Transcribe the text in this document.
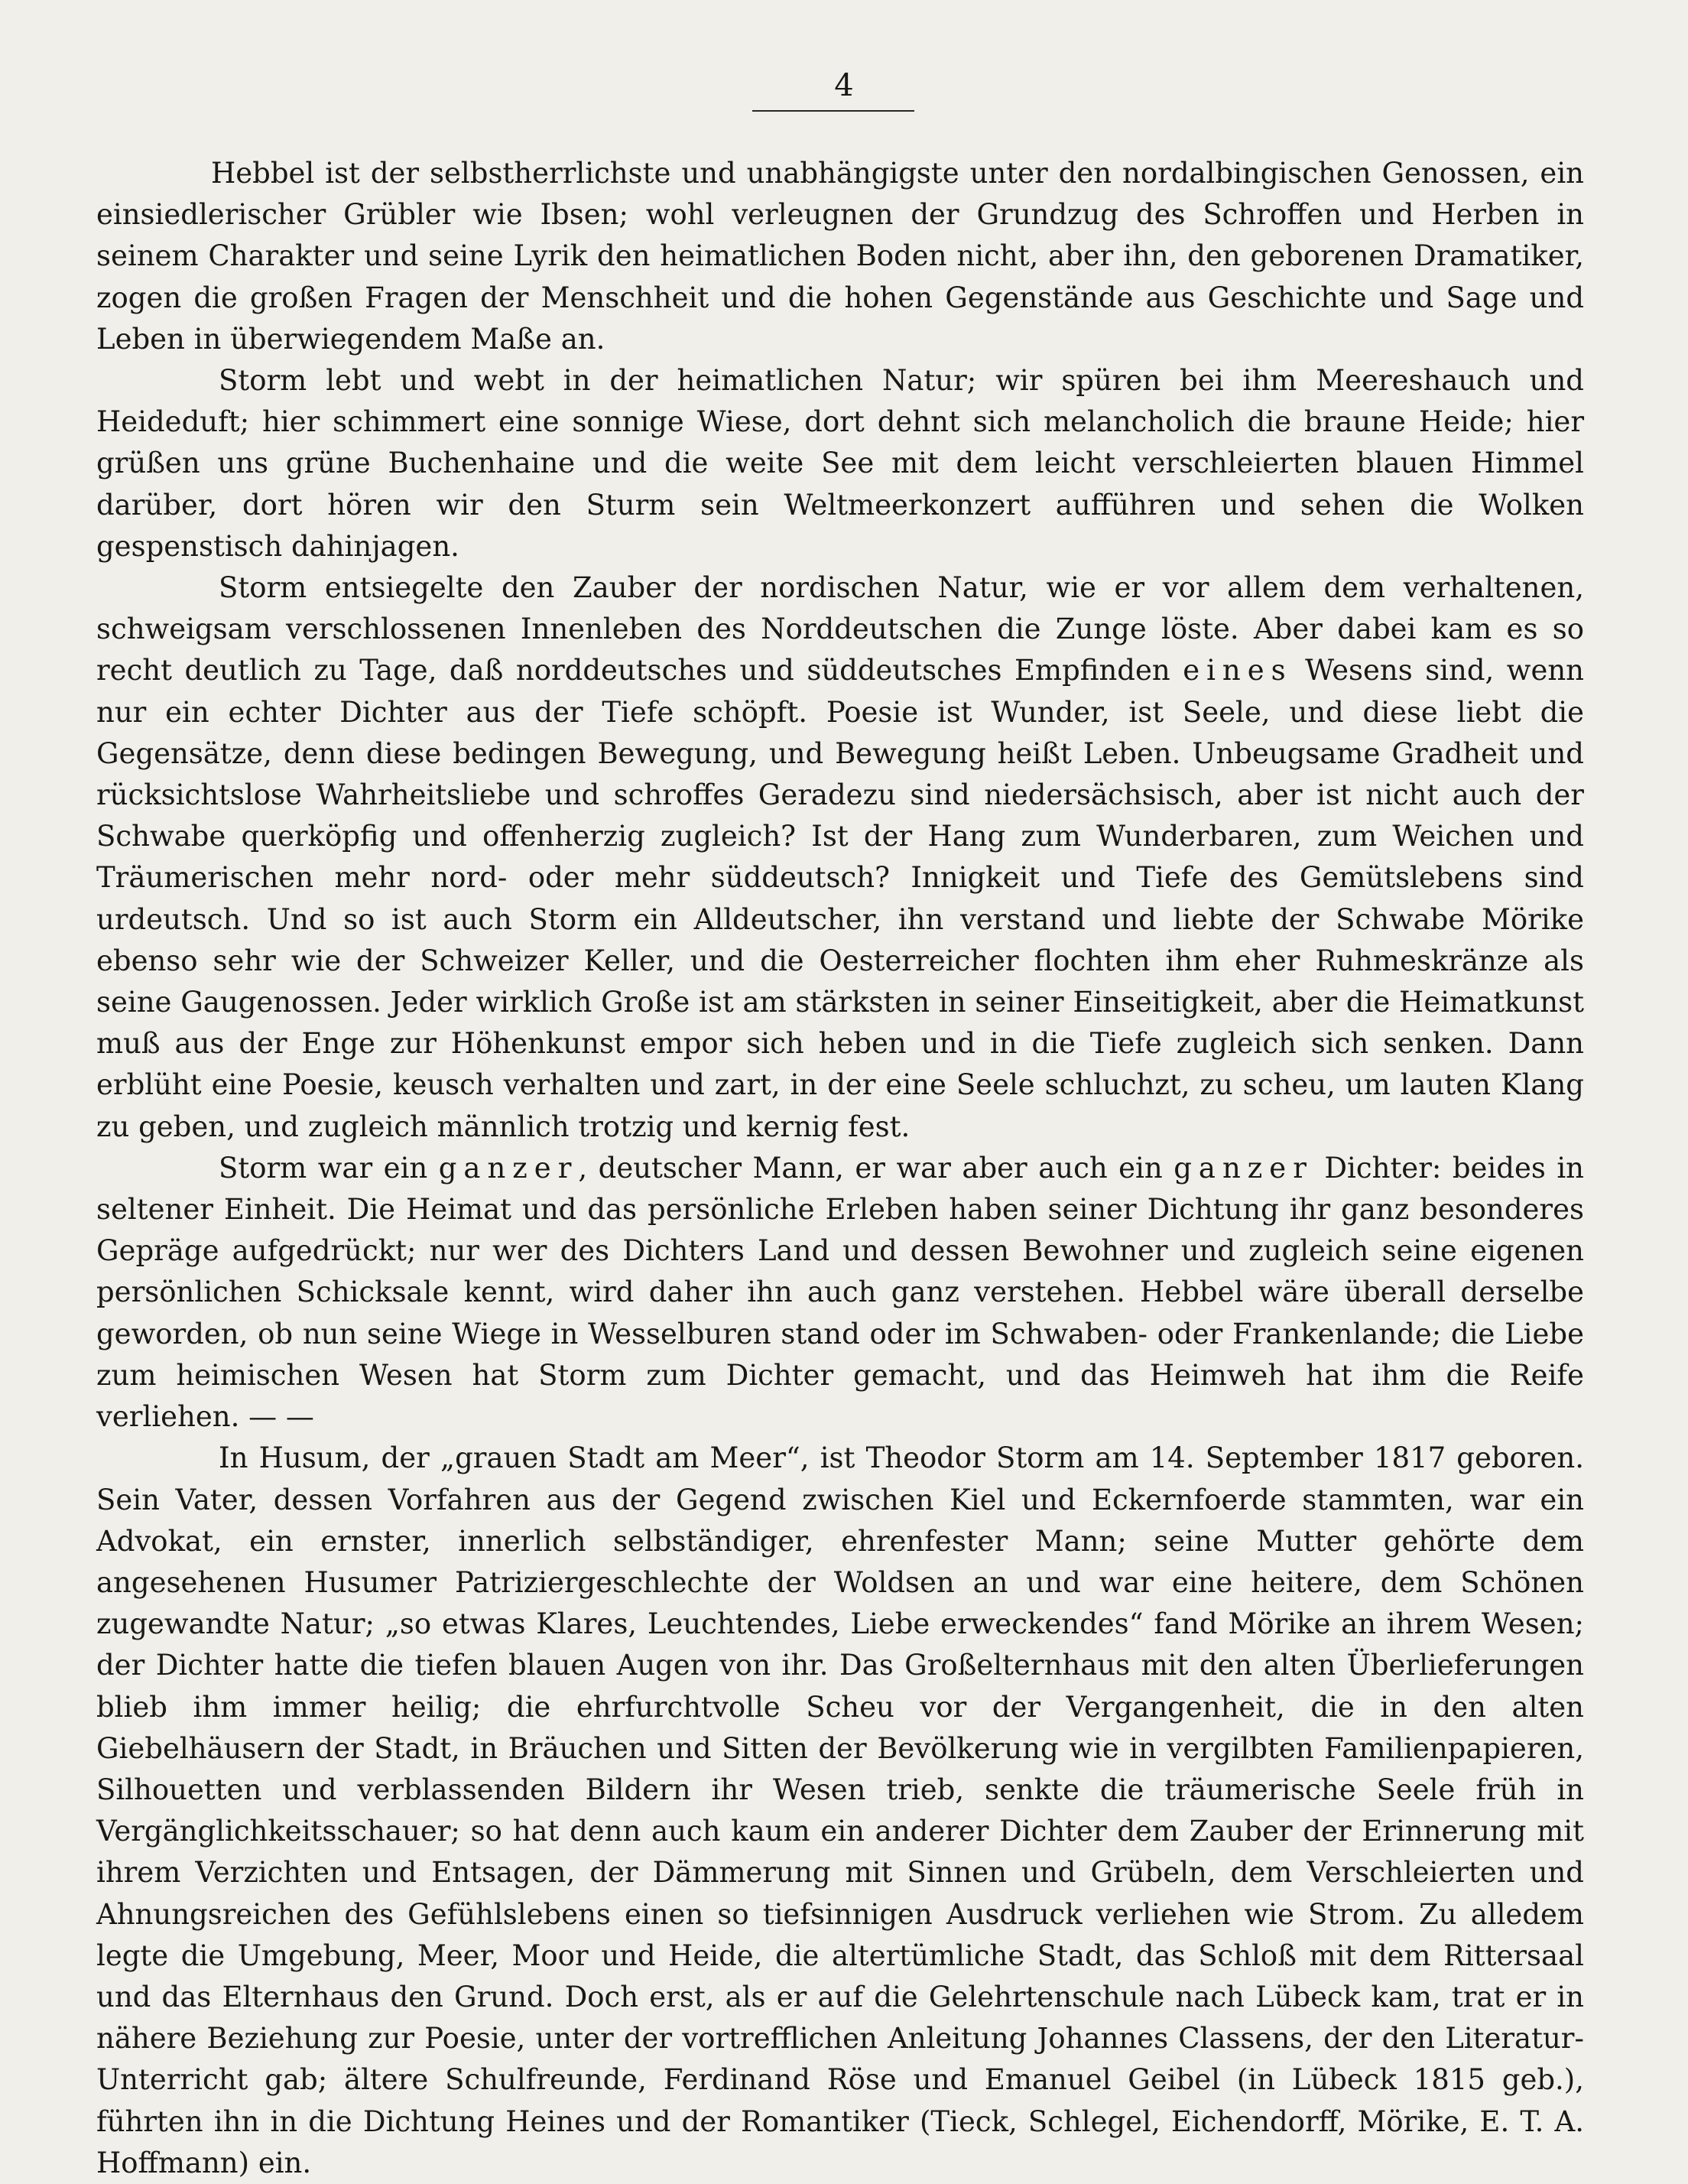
4

Hebbel ist der selbstherrlichste und unabhängigste unter den nordalbingischen Genossen, ein einsiedlerischer Grübler wie Ibsen; wohl verleugnen der Grundzug des Schroffen und Herben in seinem Charakter und seine Lyrik den heimatlichen Boden nicht, aber ihn, den geborenen Dramatiker, zogen die großen Fragen der Menschheit und die hohen Gegenstände aus Geschichte und Sage und Leben in überwiegendem Maße an.

Storm lebt und webt in der heimatlichen Natur; wir spüren bei ihm Meereshauch und Heideduft; hier schimmert eine sonnige Wiese, dort dehnt sich melancholich die braune Heide; hier grüßen uns grüne Buchenhaine und die weite See mit dem leicht verschleierten blauen Himmel darüber, dort hören wir den Sturm sein Weltmeerkonzert aufführen und sehen die Wolken gespenstisch dahinjagen.

Storm entsiegelte den Zauber der nordischen Natur, wie er vor allem dem verhaltenen, schweigsam verschlossenen Innenleben des Norddeutschen die Zunge löste. Aber dabei kam es so recht deutlich zu Tage, daß norddeutsches und süddeutsches Empfinden eines Wesens sind, wenn nur ein echter Dichter aus der Tiefe schöpft. Poesie ist Wunder, ist Seele, und diese liebt die Gegensätze, denn diese bedingen Bewegung, und Bewegung heißt Leben. Unbeugsame Gradheit und rücksichtslose Wahrheitsliebe und schroffes Geradezu sind niedersächsisch, aber ist nicht auch der Schwabe querköpfig und offenherzig zugleich? Ist der Hang zum Wunderbaren, zum Weichen und Träumerischen mehr nord- oder mehr süddeutsch? Innigkeit und Tiefe des Gemütslebens sind urdeutsch. Und so ist auch Storm ein Alldeutscher, ihn verstand und liebte der Schwabe Mörike ebenso sehr wie der Schweizer Keller, und die Oesterreicher flochten ihm eher Ruhmeskränze als seine Gaugenossen. Jeder wirklich Große ist am stärksten in seiner Einseitigkeit, aber die Heimatkunst muß aus der Enge zur Höhenkunst empor sich heben und in die Tiefe zugleich sich senken. Dann erblüht eine Poesie, keusch verhalten und zart, in der eine Seele schluchzt, zu scheu, um lauten Klang zu geben, und zugleich männlich trotzig und kernig fest.

Storm war ein ganzer, deutscher Mann, er war aber auch ein ganzer Dichter: beides in seltener Einheit. Die Heimat und das persönliche Erleben haben seiner Dichtung ihr ganz besonderes Gepräge aufgedrückt; nur wer des Dichters Land und dessen Bewohner und zugleich seine eigenen persönlichen Schicksale kennt, wird daher ihn auch ganz verstehen. Hebbel wäre überall derselbe geworden, ob nun seine Wiege in Wesselburen stand oder im Schwaben- oder Frankenlande; die Liebe zum heimischen Wesen hat Storm zum Dichter gemacht, und das Heimweh hat ihm die Reife verliehen. — —

In Husum, der „grauen Stadt am Meer“, ist Theodor Storm am 14. September 1817 geboren. Sein Vater, dessen Vorfahren aus der Gegend zwischen Kiel und Eckernfoerde stammten, war ein Advokat, ein ernster, innerlich selbständiger, ehrenfester Mann; seine Mutter gehörte dem angesehenen Husumer Patriziergeschlechte der Woldsen an und war eine heitere, dem Schönen zugewandte Natur; „so etwas Klares, Leuchtendes, Liebe erweckendes“ fand Mörike an ihrem Wesen; der Dichter hatte die tiefen blauen Augen von ihr. Das Großelternhaus mit den alten Überlieferungen blieb ihm immer heilig; die ehrfurchtvolle Scheu vor der Vergangenheit, die in den alten Giebelhäusern der Stadt, in Bräuchen und Sitten der Bevölkerung wie in vergilbten Familienpapieren, Silhouetten und verblassenden Bildern ihr Wesen trieb, senkte die träumerische Seele früh in Vergänglichkeitsschauer; so hat denn auch kaum ein anderer Dichter dem Zauber der Erinnerung mit ihrem Verzichten und Entsagen, der Dämmerung mit Sinnen und Grübeln, dem Verschleierten und Ahnungsreichen des Gefühlslebens einen so tiefsinnigen Ausdruck verliehen wie Strom. Zu alledem legte die Umgebung, Meer, Moor und Heide, die altertümliche Stadt, das Schloß mit dem Rittersaal und das Elternhaus den Grund. Doch erst, als er auf die Gelehrtenschule nach Lübeck kam, trat er in nähere Beziehung zur Poesie, unter der vortrefflichen Anleitung Johannes Classens, der den Literatur-Unterricht gab; ältere Schulfreunde, Ferdinand Röse und Emanuel Geibel (in Lübeck 1815 geb.), führten ihn in die Dichtung Heines und der Romantiker (Tieck, Schlegel, Eichendorff, Mörike, E. T. A. Hoffmann) ein.
